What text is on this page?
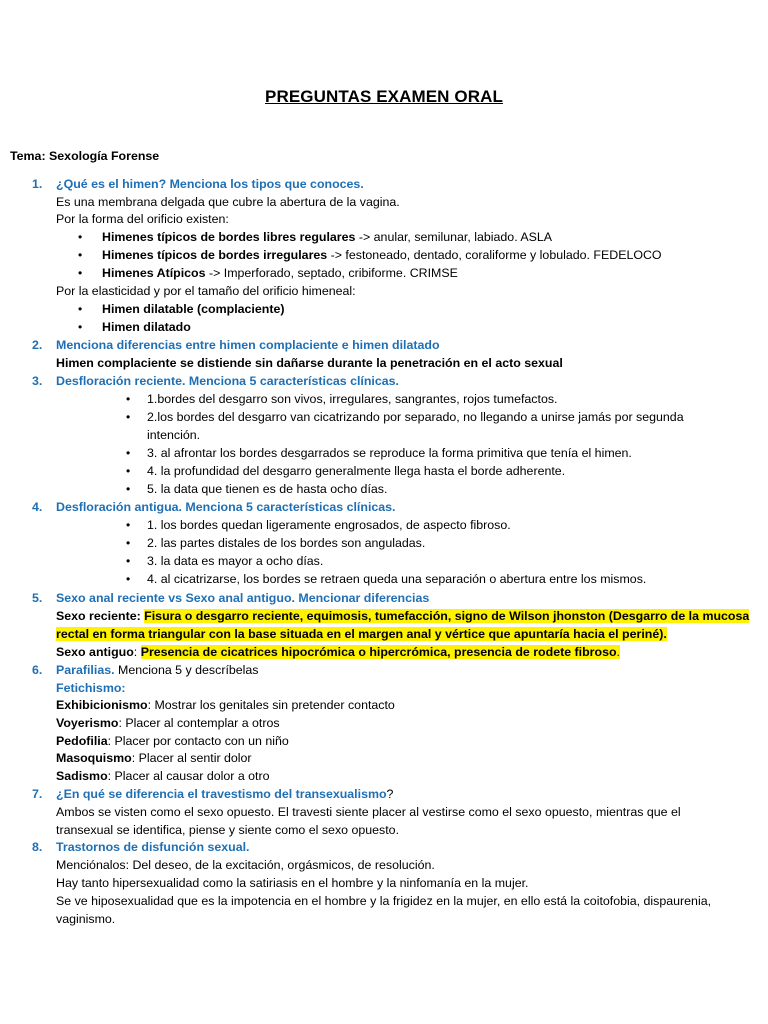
PREGUNTAS EXAMEN ORAL
Tema: Sexología Forense
1. ¿Qué es el himen? Menciona los tipos que conoces.
Es una membrana delgada que cubre la abertura de la vagina.
Por la forma del orificio existen:
• Himenes típicos de bordes libres regulares -> anular, semilunar, labiado. ASLA
• Himenes típicos de bordes irregulares -> festoneado, dentado, coraliforme y lobulado. FEDELOCO
• Himenes Atípicos -> Imperforado, septado, cribiforme. CRIMSE
Por la elasticidad y por el tamaño del orificio himeneal:
• Himen dilatable (complaciente)
• Himen dilatado
2. Menciona diferencias entre himen complaciente e himen dilatado
Himen complaciente se distiende sin dañarse durante la penetración en el acto sexual
3. Desfloración reciente. Menciona 5 características clínicas.
• 1.bordes del desgarro son vivos, irregulares, sangrantes, rojos tumefactos.
• 2.los bordes del desgarro van cicatrizando por separado, no llegando a unirse jamás por segunda
intención.
• 3. al afrontar los bordes desgarrados se reproduce la forma primitiva que tenía el himen.
• 4. la profundidad del desgarro generalmente llega hasta el borde adherente.
• 5. la data que tienen es de hasta ocho días.
4. Desfloración antigua. Menciona 5 características clínicas.
• 1. los bordes quedan ligeramente engrosados, de aspecto fibroso.
• 2. las partes distales de los bordes son anguladas.
• 3. la data es mayor a ocho días.
• 4. al cicatrizarse, los bordes se retraen queda una separación o abertura entre los mismos.
5. Sexo anal reciente vs Sexo anal antiguo. Mencionar diferencias
Sexo reciente: Fisura o desgarro reciente, equimosis, tumefacción, signo de Wilson jhonston (Desgarro de la mucosa
rectal en forma triangular con la base situada en el margen anal y vértice que apuntaría hacia el periné).
Sexo antiguo: Presencia de cicatrices hipocrómica o hipercrómica, presencia de rodete fibroso.
6. Parafilias. Menciona 5 y descríbelas
Fetichismo:
Exhibicionismo: Mostrar los genitales sin pretender contacto
Voyerismo: Placer al contemplar a otros
Pedofilia: Placer por contacto con un niño
Masoquismo: Placer al sentir dolor
Sadismo: Placer al causar dolor a otro
7. ¿En qué se diferencia el travestismo del transexualismo?
Ambos se visten como el sexo opuesto. El travesti siente placer al vestirse como el sexo opuesto, mientras que el
transexual se identifica, piense y siente como el sexo opuesto.
8. Trastornos de disfunción sexual.
Menciónalos: Del deseo, de la excitación, orgásmicos, de resolución.
Hay tanto hipersexualidad como la satiriasis en el hombre y la ninfomanía en la mujer.
Se ve hiposexualidad que es la impotencia en el hombre y la frigidez en la mujer, en ello está la coitofobia, dispaurenia,
vaginismo.
